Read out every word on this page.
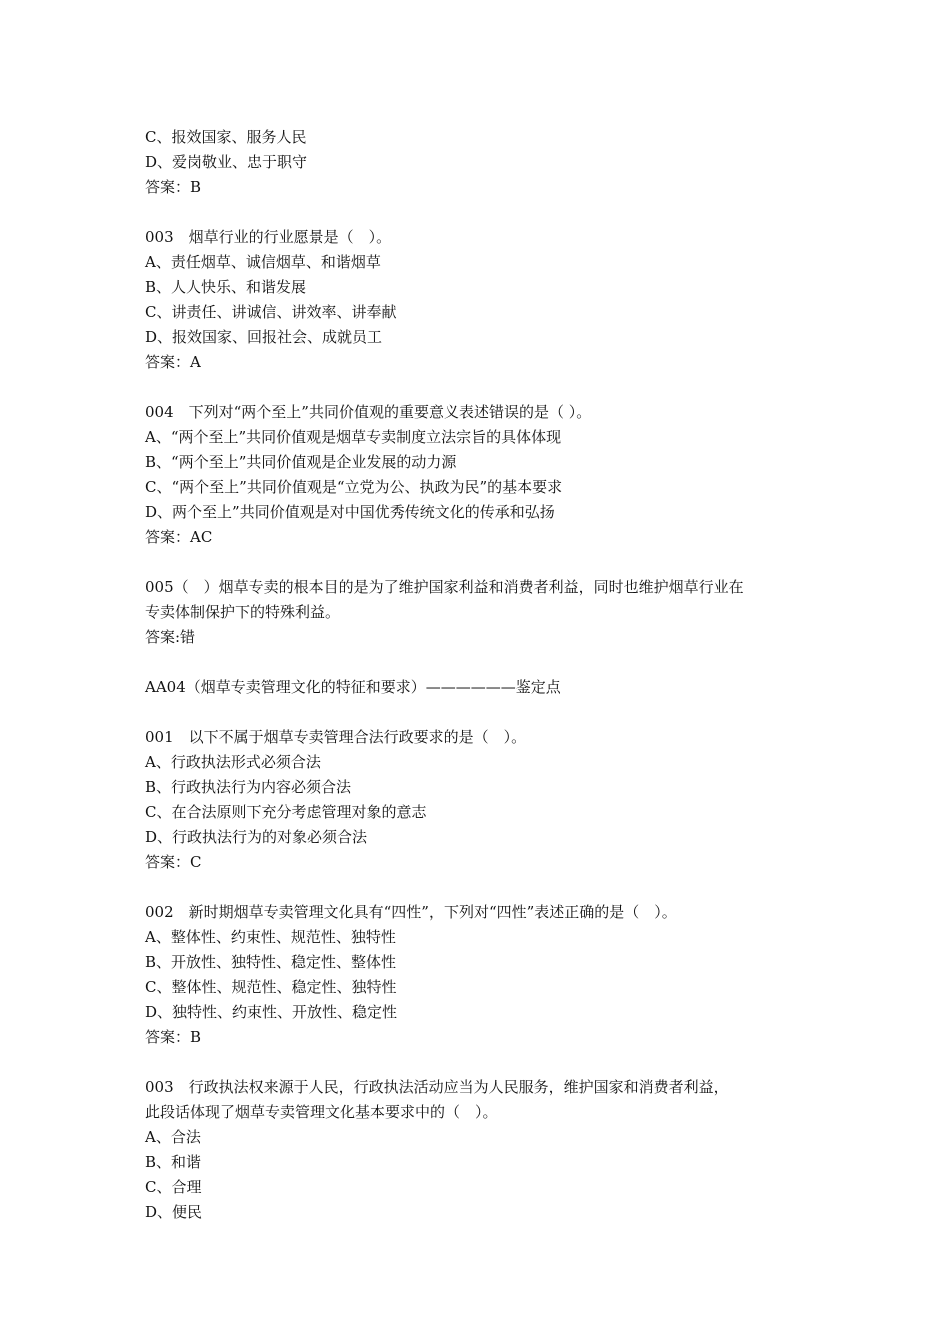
C、报效国家、服务人民
D、爱岗敬业、忠于职守
答案：B
003　烟草行业的行业愿景是（　）。
A、责任烟草、诚信烟草、和谐烟草
B、人人快乐、和谐发展
C、讲责任、讲诚信、讲效率、讲奉献
D、报效国家、回报社会、成就员工
答案：A
004　下列对“两个至上”共同价值观的重要意义表述错误的是（ ）。
A、“两个至上”共同价值观是烟草专卖制度立法宗旨的具体体现
B、“两个至上”共同价值观是企业发展的动力源
C、“两个至上”共同价值观是“立党为公、执政为民”的基本要求
D、两个至上”共同价值观是对中国优秀传统文化的传承和弘扬
答案：AC
005（　）烟草专卖的根本目的是为了维护国家利益和消费者利益，同时也维护烟草行业在
专卖体制保护下的特殊利益。
答案:错
AA04（烟草专卖管理文化的特征和要求）——————鉴定点
001　以下不属于烟草专卖管理合法行政要求的是（　）。
A、行政执法形式必须合法
B、行政执法行为内容必须合法
C、在合法原则下充分考虑管理对象的意志
D、行政执法行为的对象必须合法
答案：C
002　新时期烟草专卖管理文化具有“四性”，下列对“四性”表述正确的是（　）。
A、整体性、约束性、规范性、独特性
B、开放性、独特性、稳定性、整体性
C、整体性、规范性、稳定性、独特性
D、独特性、约束性、开放性、稳定性
答案：B
003　行政执法权来源于人民，行政执法活动应当为人民服务，维护国家和消费者利益，
此段话体现了烟草专卖管理文化基本要求中的（　）。
A、合法
B、和谐
C、合理
D、便民
